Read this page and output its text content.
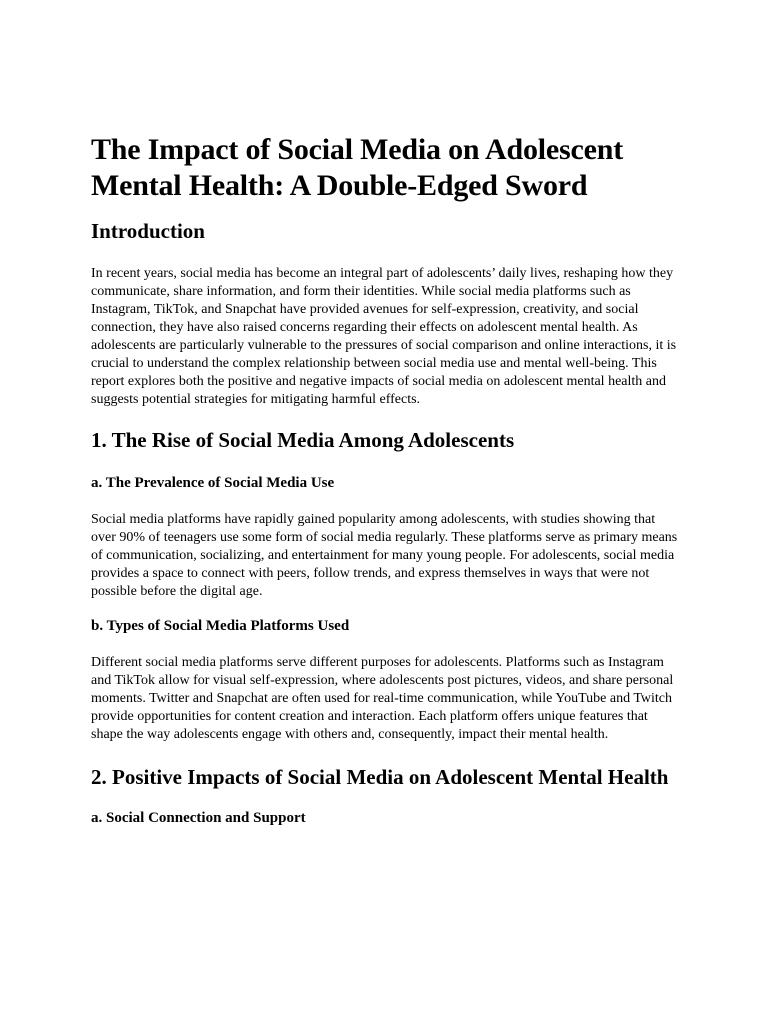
The Impact of Social Media on Adolescent Mental Health: A Double-Edged Sword
Introduction

In recent years, social media has become an integral part of adolescents’ daily lives, reshaping how they communicate, share information, and form their identities. While social media platforms such as Instagram, TikTok, and Snapchat have provided avenues for self-expression, creativity, and social connection, they have also raised concerns regarding their effects on adolescent mental health. As adolescents are particularly vulnerable to the pressures of social comparison and online interactions, it is crucial to understand the complex relationship between social media use and mental well-being. This report explores both the positive and negative impacts of social media on adolescent mental health and suggests potential strategies for mitigating harmful effects.

1. The Rise of Social Media Among Adolescents
a. The Prevalence of Social Media Use

Social media platforms have rapidly gained popularity among adolescents, with studies showing that over 90% of teenagers use some form of social media regularly. These platforms serve as primary means of communication, socializing, and entertainment for many young people. For adolescents, social media provides a space to connect with peers, follow trends, and express themselves in ways that were not possible before the digital age.

b. Types of Social Media Platforms Used

Different social media platforms serve different purposes for adolescents. Platforms such as Instagram and TikTok allow for visual self-expression, where adolescents post pictures, videos, and share personal moments. Twitter and Snapchat are often used for real-time communication, while YouTube and Twitch provide opportunities for content creation and interaction. Each platform offers unique features that shape the way adolescents engage with others and, consequently, impact their mental health.

2. Positive Impacts of Social Media on Adolescent Mental Health
a. Social Connection and Support
